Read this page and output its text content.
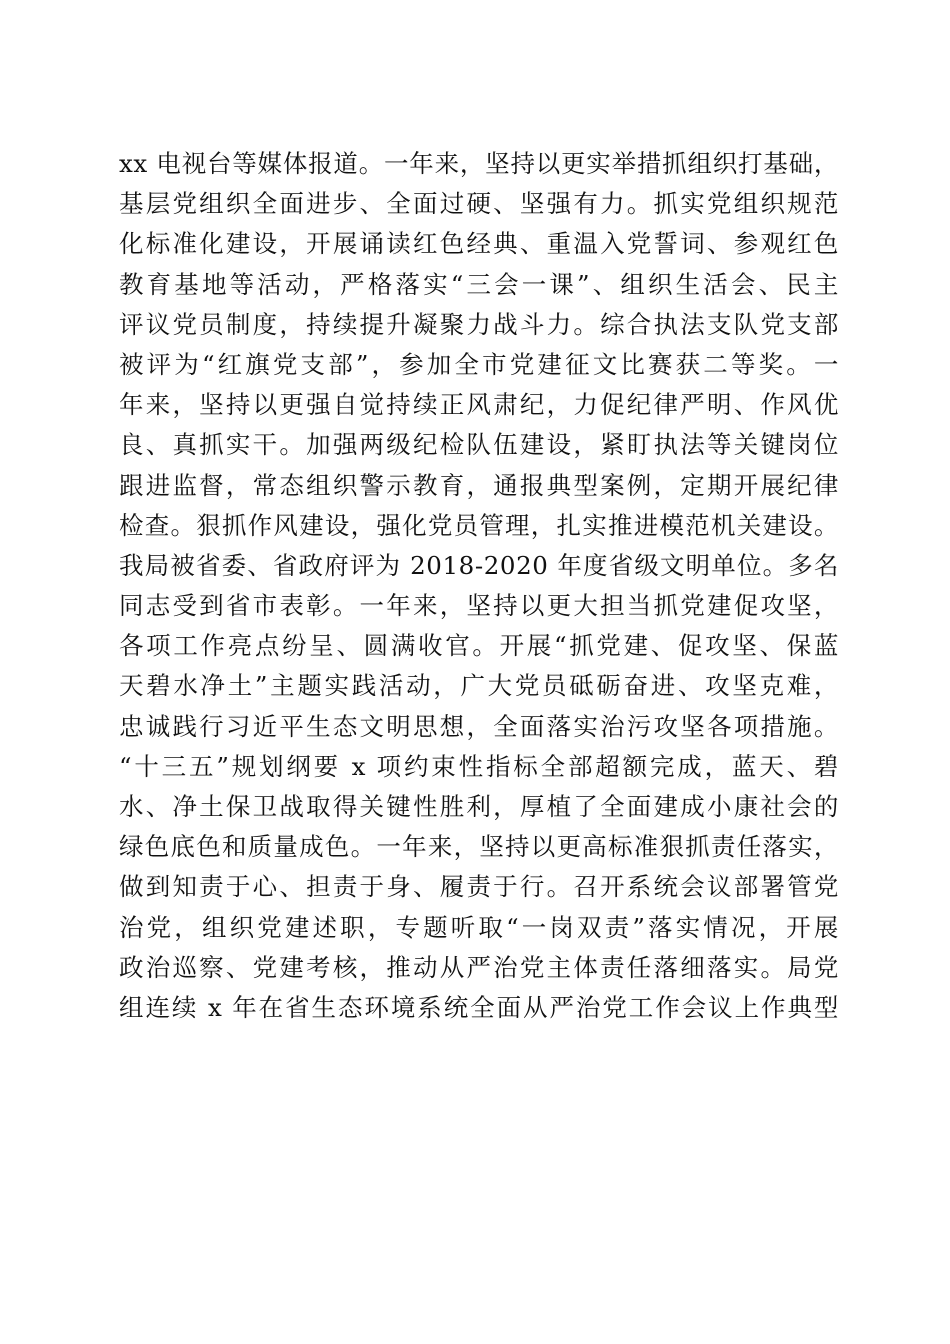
xx 电视台等媒体报道。一年来，坚持以更实举措抓组织打基础，
基层党组织全面进步、全面过硬、坚强有力。抓实党组织规范
化标准化建设，开展诵读红色经典、重温入党誓词、参观红色
教育基地等活动，严格落实“三会一课”、组织生活会、民主
评议党员制度，持续提升凝聚力战斗力。综合执法支队党支部
被评为“红旗党支部”，参加全市党建征文比赛获二等奖。一
年来，坚持以更强自觉持续正风肃纪，力促纪律严明、作风优
良、真抓实干。加强两级纪检队伍建设，紧盯执法等关键岗位
跟进监督，常态组织警示教育，通报典型案例，定期开展纪律
检查。狠抓作风建设，强化党员管理，扎实推进模范机关建设。
我局被省委、省政府评为 2018-2020 年度省级文明单位。多名
同志受到省市表彰。一年来，坚持以更大担当抓党建促攻坚，
各项工作亮点纷呈、圆满收官。开展“抓党建、促攻坚、保蓝
天碧水净土”主题实践活动，广大党员砥砺奋进、攻坚克难，
忠诚践行习近平生态文明思想，全面落实治污攻坚各项措施。
“十三五”规划纲要 x 项约束性指标全部超额完成，蓝天、碧
水、净土保卫战取得关键性胜利，厚植了全面建成小康社会的
绿色底色和质量成色。一年来，坚持以更高标准狠抓责任落实，
做到知责于心、担责于身、履责于行。召开系统会议部署管党
治党，组织党建述职，专题听取“一岗双责”落实情况，开展
政治巡察、党建考核，推动从严治党主体责任落细落实。局党
组连续 x 年在省生态环境系统全面从严治党工作会议上作典型
